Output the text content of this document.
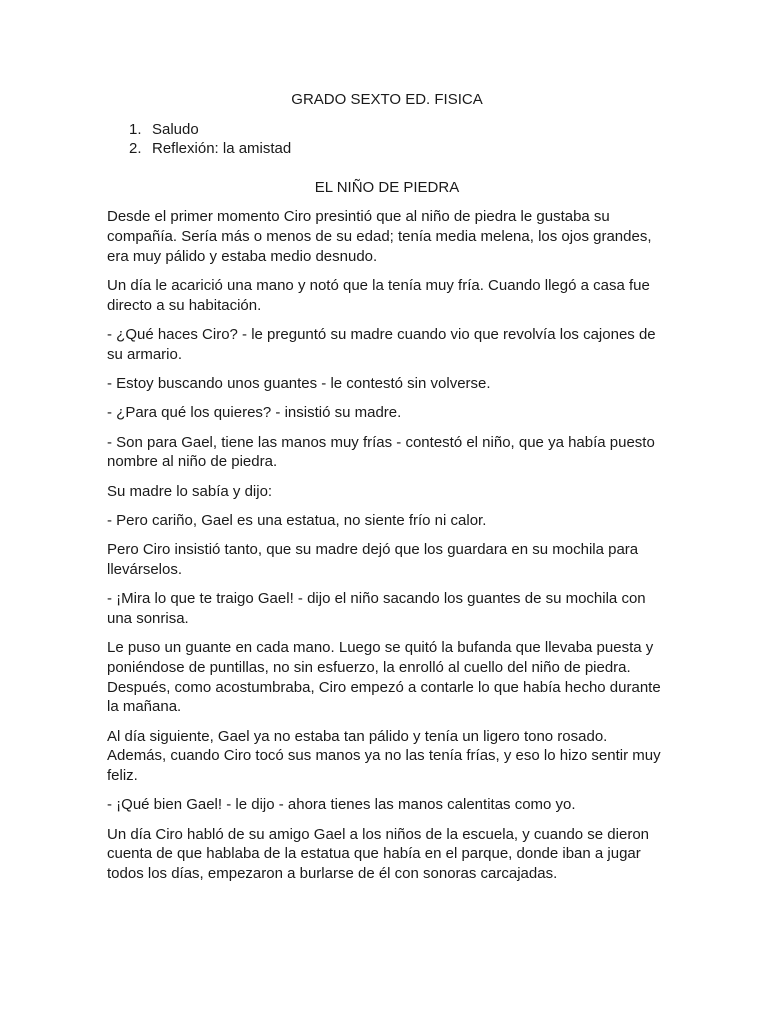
GRADO SEXTO ED. FISICA
1. Saludo
2. Reflexión: la amistad
EL NIÑO DE PIEDRA

Desde el primer momento Ciro presintió que al niño de piedra le gustaba su compañía. Sería más o menos de su edad; tenía media melena, los ojos grandes, era muy pálido y estaba medio desnudo.

Un día le acarició una mano y notó que la tenía muy fría. Cuando llegó a casa fue directo a su habitación.

- ¿Qué haces Ciro? - le preguntó su madre cuando vio que revolvía los cajones de su armario.

- Estoy buscando unos guantes - le contestó sin volverse.

- ¿Para qué los quieres? - insistió su madre.

- Son para Gael, tiene las manos muy frías - contestó el niño, que ya había puesto nombre al niño de piedra.

Su madre lo sabía y dijo:

- Pero cariño, Gael es una estatua, no siente frío ni calor.

Pero Ciro insistió tanto, que su madre dejó que los guardara en su mochila para llevárselos.

- ¡Mira lo que te traigo Gael! - dijo el niño sacando los guantes de su mochila con una sonrisa.

Le puso un guante en cada mano. Luego se quitó la bufanda que llevaba puesta y poniéndose de puntillas, no sin esfuerzo, la enrolló al cuello del niño de piedra. Después, como acostumbraba, Ciro empezó a contarle lo que había hecho durante la mañana.

Al día siguiente, Gael ya no estaba tan pálido y tenía un ligero tono rosado. Además, cuando Ciro tocó sus manos ya no las tenía frías, y eso lo hizo sentir muy feliz.

- ¡Qué bien Gael! - le dijo - ahora tienes las manos calentitas como yo.

Un día Ciro habló de su amigo Gael a los niños de la escuela, y cuando se dieron cuenta de que hablaba de la estatua que había en el parque, donde iban a jugar todos los días, empezaron a burlarse de él con sonoras carcajadas.
